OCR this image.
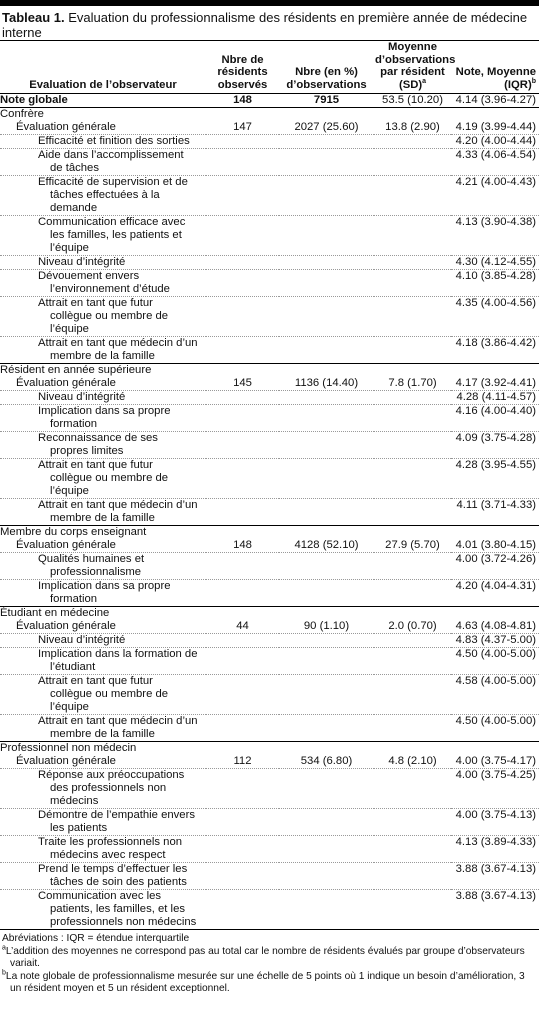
Tableau 1. Evaluation du professionnalisme des résidents en première année de médecine interne
Evaluation de l’observateur	Nbre de résidents observés	Nbre (en %) d’observations	Moyenne d’observations par résident (SD)$^a$	Note, Moyenne (IQR)$^b$
Note globale	148	7915	53.5 (10.20)	4.14 (3.96-4.27)
Confrère				
Évaluation générale	147	2027 (25.60)	13.8 (2.90)	4.19 (3.99-4.44)

Efficacité et finition des sorties				4.20 (4.00-4.44)

Aide dans l’accomplissement de tâches				4.33 (4.06-4.54)

Efficacité de supervision et de tâches effectuées à la demande				4.21 (4.00-4.43)

Communication efficace avec les familles, les patients et l’équipe				4.13 (3.90-4.38)

Niveau d’intégrité				4.30 (4.12-4.55)

Dévouement envers l’environnement d’étude				4.10 (3.85-4.28)

Attrait en tant que futur collègue ou membre de l’équipe				4.35 (4.00-4.56)

Attrait en tant que médecin d’un membre de la famille				4.18 (3.86-4.42)
Résident en année supérieure				
Évaluation générale	145	1136 (14.40)	7.8 (1.70)	4.17 (3.92-4.41)

Niveau d’intégrité				4.28 (4.11-4.57)

Implication dans sa propre formation				4.16 (4.00-4.40)

Reconnaissance de ses propres limites				4.09 (3.75-4.28)

Attrait en tant que futur collègue ou membre de l’équipe				4.28 (3.95-4.55)

Attrait en tant que médecin d’un membre de la famille				4.11 (3.71-4.33)
Membre du corps enseignant				
Évaluation générale	148	4128 (52.10)	27.9 (5.70)	4.01 (3.80-4.15)

Qualités humaines et professionnalisme				4.00 (3.72-4.26)

Implication dans sa propre formation				4.20 (4.04-4.31)
Étudiant en médecine				
Évaluation générale	44	90 (1.10)	2.0 (0.70)	4.63 (4.08-4.81)

Niveau d’intégrité				4.83 (4.37-5.00)

Implication dans la formation de l’étudiant				4.50 (4.00-5.00)

Attrait en tant que futur collègue ou membre de l’équipe				4.58 (4.00-5.00)

Attrait en tant que médecin d’un membre de la famille				4.50 (4.00-5.00)
Professionnel non médecin				
Évaluation générale	112	534 (6.80)	4.8 (2.10)	4.00 (3.75-4.17)

Réponse aux préoccupations des professionnels non médecins				4.00 (3.75-4.25)

Démontre de l’empathie envers les patients				4.00 (3.75-4.13)

Traite les professionnels non médecins avec respect				4.13 (3.89-4.33)

Prend le temps d’effectuer les tâches de soin des patients				3.88 (3.67-4.13)

Communication avec les patients, les familles, et les professionnels non médecins				3.88 (3.67-4.13)

Abréviations : IQR = étendue interquartile

$^a$L’addition des moyennes ne correspond pas au total car le nombre de résidents évalués par groupe d’observateurs variait.

$^b$La note globale de professionnalisme mesurée sur une échelle de 5 points où 1 indique un besoin d’amélioration, 3 un résident moyen et 5 un résident exceptionnel.
